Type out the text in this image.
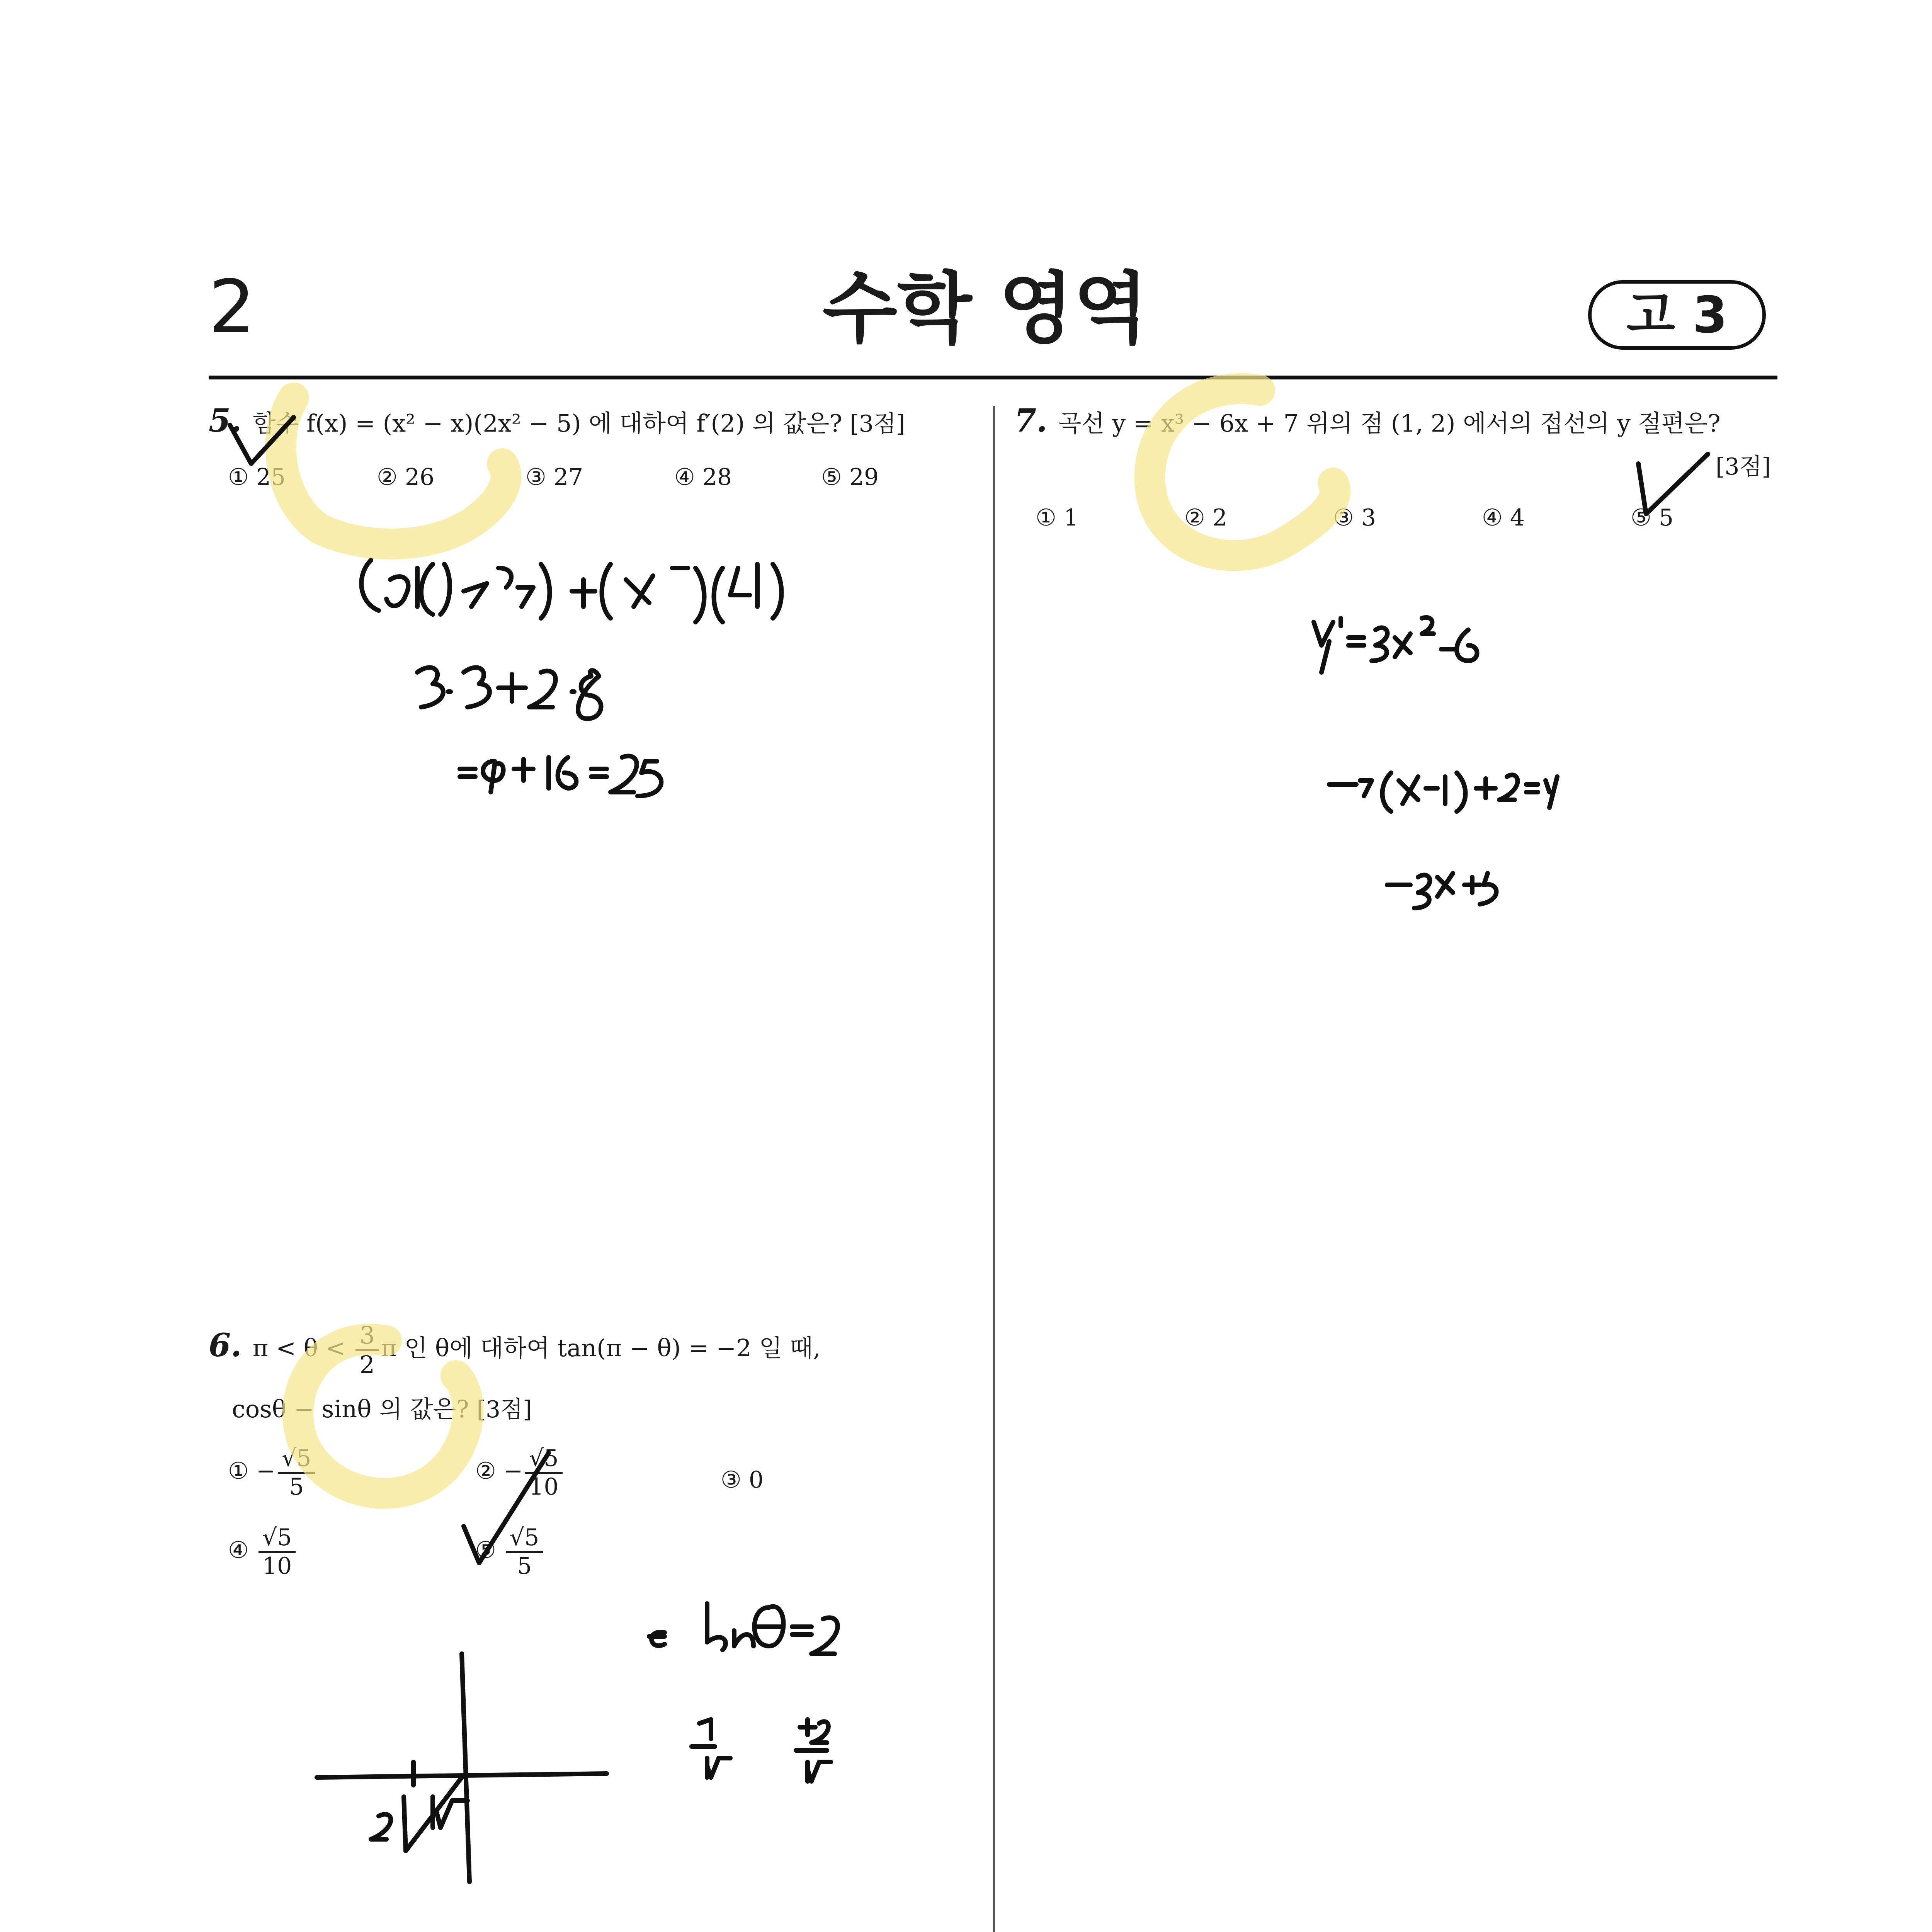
2	수학 영역	고 3
5. 함수 f(x) = (x² − x)(2x² − 5) 에 대하여 f′(2) 의 값은? [3점]
① 25	② 26	③ 27	④ 28	⑤ 29
6. $\pi < \theta < \frac{3}{2}$ π 인 θ에 대하여 tan(π − θ) = −2 일 때,
cosθ − sinθ 의 값은? [3점]
① − $\frac{√5}{5}$	② − $\frac{√5}{10}$	③ 0
④ $\frac{√5}{10}$	⑤ $\frac{√5}{5}$
7. 곡선 y = x³ − 6x + 7 위의 점 (1, 2) 에서의 접선의 y 절편은?
[3점]
① 1	② 2	③ 3	④ 4	⑤ 5
